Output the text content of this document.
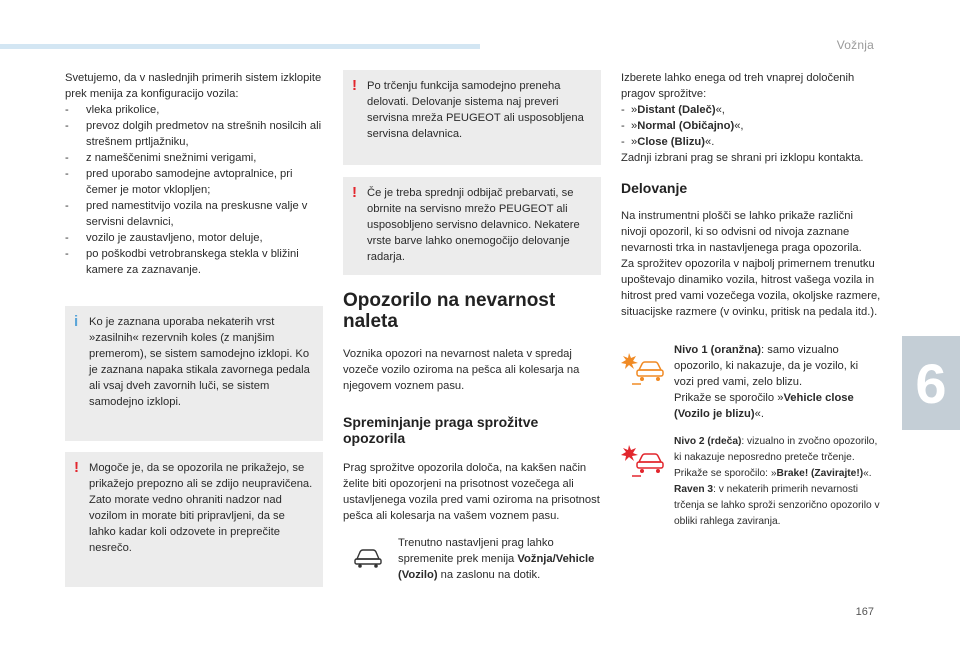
Vožnja
6
167

Svetujemo, da v naslednjih primerih sistem izklopite prek menija za konfiguracijo vozila:

- vleka prikolice,
- prevoz dolgih predmetov na strešnih nosilcih ali strešnem prtljažniku,
- z nameščenimi snežnimi verigami,
- pred uporabo samodejne avtopralnice, pri čemer je motor vklopljen;
- pred namestitvijo vozila na preskusne valje v servisni delavnici,
- vozilo je zaustavljeno, motor deluje,
- po poškodbi vetrobranskega stekla v bližini kamere za zaznavanje.
i Ko je zaznana uporaba nekaterih vrst »zasilnih« rezervnih koles (z manjšim premerom), se sistem samodejno izklopi. Ko je zaznana napaka stikala zavornega pedala ali vsaj dveh zavornih luči, se sistem samodejno izklopi.

! Mogoče je, da se opozorila ne prikažejo, se prikažejo prepozno ali se zdijo neupravičena.

Zato morate vedno ohraniti nadzor nad vozilom in morate biti pripravljeni, da se lahko kadar koli odzovete in preprečite nesrečo.

! Po trčenju funkcija samodejno preneha delovati. Delovanje sistema naj preveri servisna mreža PEUGEOT ali usposobljena servisna delavnica.

! Če je treba sprednji odbijač prebarvati, se obrnite na servisno mrežo PEUGEOT ali usposobljeno servisno delavnico. Nekatere vrste barve lahko onemogočijo delovanje radarja.

Opozorilo na nevarnost naleta

Voznika opozori na nevarnost naleta v spredaj vozeče vozilo oziroma na pešca ali kolesarja na njegovem voznem pasu.

Spreminjanje praga sprožitve opozorila

Prag sprožitve opozorila določa, na kakšen način želite biti opozorjeni na prisotnost vozečega ali ustavljenega vozila pred vami oziroma na prisotnost pešca ali kolesarja na vašem voznem pasu.

Trenutno nastavljeni prag lahko spremenite prek menija Vožnja/Vehicle (Vozilo) na zaslonu na dotik.

Izberete lahko enega od treh vnaprej določenih pragov sprožitve:

- »Distant (Daleč)«,
- »Normal (Običajno)«,
- »Close (Blizu)«.

Zadnji izbrani prag se shrani pri izklopu kontakta.

Delovanje

Na instrumentni plošči se lahko prikaže različni nivoji opozoril, ki so odvisni od nivoja zaznane nevarnosti trka in nastavljenega praga opozorila.

Za sprožitev opozorila v najbolj primernem trenutku upoštevajo dinamiko vozila, hitrost vašega vozila in hitrost pred vami vozečega vozila, okoljske razmere, situacijske razmere (v ovinku, pritisk na pedala itd.).

Nivo 1 (oranžna): samo vizualno opozorilo, ki nakazuje, da je vozilo, ki vozi pred vami, zelo blizu.

Prikaže se sporočilo »Vehicle close (Vozilo je blizu)«.

Nivo 2 (rdeča): vizualno in zvočno opozorilo, ki nakazuje neposredno preteče trčenje.

Prikaže se sporočilo: »Brake! (Zavirajte!)«.

Raven 3: v nekaterih primerih nevarnosti trčenja se lahko sproži senzorično opozorilo v obliki rahlega zaviranja.
